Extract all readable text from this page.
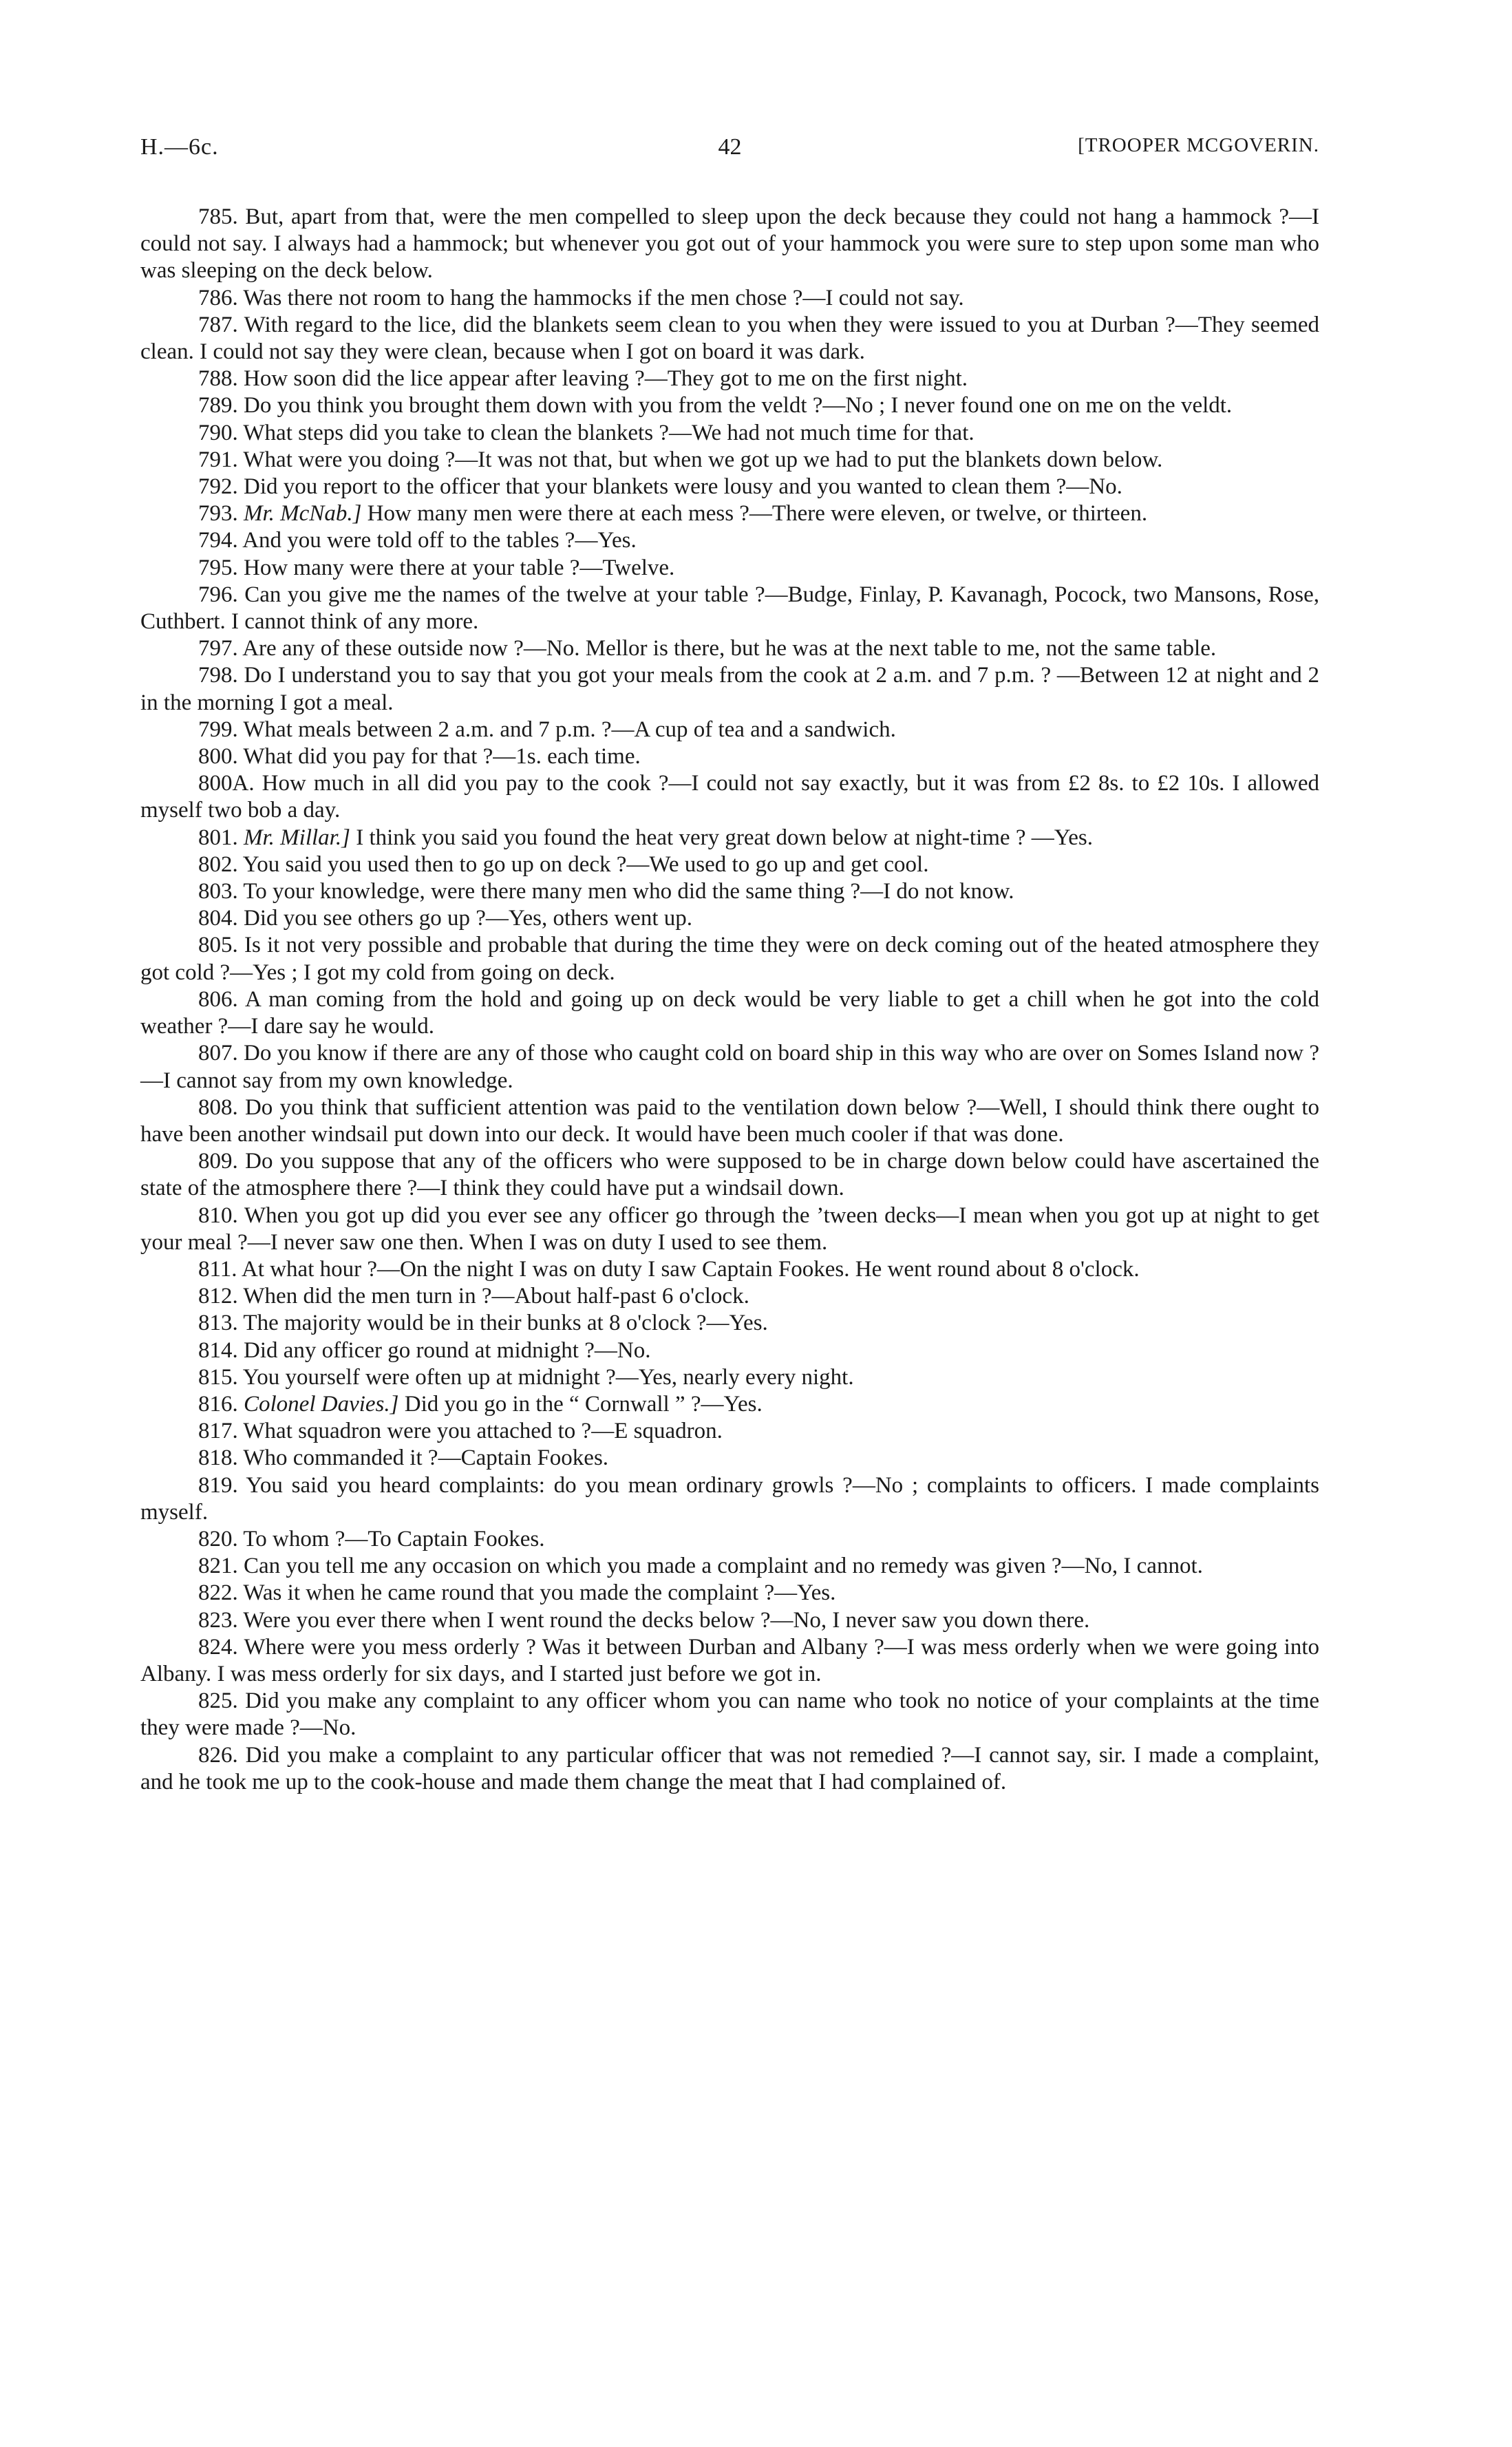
H.—6c.	42	[TROOPER MCGOVERIN.

785. But, apart from that, were the men compelled to sleep upon the deck because they could not hang a hammock ?—I could not say. I always had a hammock; but whenever you got out of your hammock you were sure to step upon some man who was sleeping on the deck below.

786. Was there not room to hang the hammocks if the men chose ?—I could not say.

787. With regard to the lice, did the blankets seem clean to you when they were issued to you at Durban ?—They seemed clean. I could not say they were clean, because when I got on board it was dark.

788. How soon did the lice appear after leaving ?—They got to me on the first night.

789. Do you think you brought them down with you from the veldt ?—No ; I never found one on me on the veldt.

790. What steps did you take to clean the blankets ?—We had not much time for that.

791. What were you doing ?—It was not that, but when we got up we had to put the blankets down below.

792. Did you report to the officer that your blankets were lousy and you wanted to clean them ?—No.

793. Mr. McNab.] How many men were there at each mess ?—There were eleven, or twelve, or thirteen.

794. And you were told off to the tables ?—Yes.

795. How many were there at your table ?—Twelve.

796. Can you give me the names of the twelve at your table ?—Budge, Finlay, P. Kavanagh, Pocock, two Mansons, Rose, Cuthbert. I cannot think of any more.

797. Are any of these outside now ?—No. Mellor is there, but he was at the next table to me, not the same table.

798. Do I understand you to say that you got your meals from the cook at 2 a.m. and 7 p.m. ? —Between 12 at night and 2 in the morning I got a meal.

799. What meals between 2 a.m. and 7 p.m. ?—A cup of tea and a sandwich.

800. What did you pay for that ?—1s. each time.

800A. How much in all did you pay to the cook ?—I could not say exactly, but it was from £2 8s. to £2 10s. I allowed myself two bob a day.

801. Mr. Millar.] I think you said you found the heat very great down below at night-time ? —Yes.

802. You said you used then to go up on deck ?—We used to go up and get cool.

803. To your knowledge, were there many men who did the same thing ?—I do not know.

804. Did you see others go up ?—Yes, others went up.

805. Is it not very possible and probable that during the time they were on deck coming out of the heated atmosphere they got cold ?—Yes ; I got my cold from going on deck.

806. A man coming from the hold and going up on deck would be very liable to get a chill when he got into the cold weather ?—I dare say he would.

807. Do you know if there are any of those who caught cold on board ship in this way who are over on Somes Island now ?—I cannot say from my own knowledge.

808. Do you think that sufficient attention was paid to the ventilation down below ?—Well, I should think there ought to have been another windsail put down into our deck. It would have been much cooler if that was done.

809. Do you suppose that any of the officers who were supposed to be in charge down below could have ascertained the state of the atmosphere there ?—I think they could have put a windsail down.

810. When you got up did you ever see any officer go through the ’tween decks—I mean when you got up at night to get your meal ?—I never saw one then. When I was on duty I used to see them.

811. At what hour ?—On the night I was on duty I saw Captain Fookes. He went round about 8 o'clock.

812. When did the men turn in ?—About half-past 6 o'clock.

813. The majority would be in their bunks at 8 o'clock ?—Yes.

814. Did any officer go round at midnight ?—No.

815. You yourself were often up at midnight ?—Yes, nearly every night.

816. Colonel Davies.] Did you go in the “ Cornwall ” ?—Yes.

817. What squadron were you attached to ?—E squadron.

818. Who commanded it ?—Captain Fookes.

819. You said you heard complaints: do you mean ordinary growls ?—No ; complaints to officers. I made complaints myself.

820. To whom ?—To Captain Fookes.

821. Can you tell me any occasion on which you made a complaint and no remedy was given ?—No, I cannot.

822. Was it when he came round that you made the complaint ?—Yes.

823. Were you ever there when I went round the decks below ?—No, I never saw you down there.

824. Where were you mess orderly ? Was it between Durban and Albany ?—I was mess orderly when we were going into Albany. I was mess orderly for six days, and I started just before we got in.

825. Did you make any complaint to any officer whom you can name who took no notice of your complaints at the time they were made ?—No.

826. Did you make a complaint to any particular officer that was not remedied ?—I cannot say, sir. I made a complaint, and he took me up to the cook-house and made them change the meat that I had complained of.
